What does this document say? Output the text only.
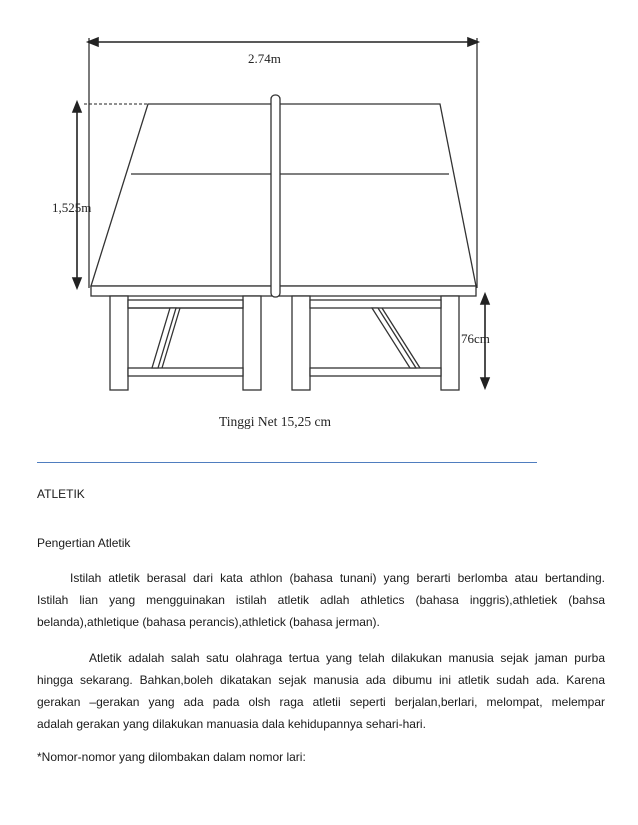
2.74m
1,525m
76cm
Tinggi Net 15,25 cm
ATLETIK
Pengertian Atletik
Istilah atletik berasal dari kata athlon (bahasa tunani) yang berarti berlomba atau bertanding.
Istilah lian yang mengguinakan istilah atletik adlah athletics (bahasa inggris),athletiek (bahsa
belanda),athletique (bahasa perancis),athletick (bahasa jerman).
Atletik adalah salah satu olahraga tertua yang telah dilakukan manusia sejak jaman purba
hingga sekarang. Bahkan,boleh dikatakan sejak manusia ada dibumu ini atletik sudah ada. Karena
gerakan –gerakan yang ada pada olsh raga atletii seperti berjalan,berlari, melompat, melempar
adalah gerakan yang dilakukan manuasia dala kehidupannya sehari-hari.
*Nomor-nomor yang dilombakan dalam nomor lari:
